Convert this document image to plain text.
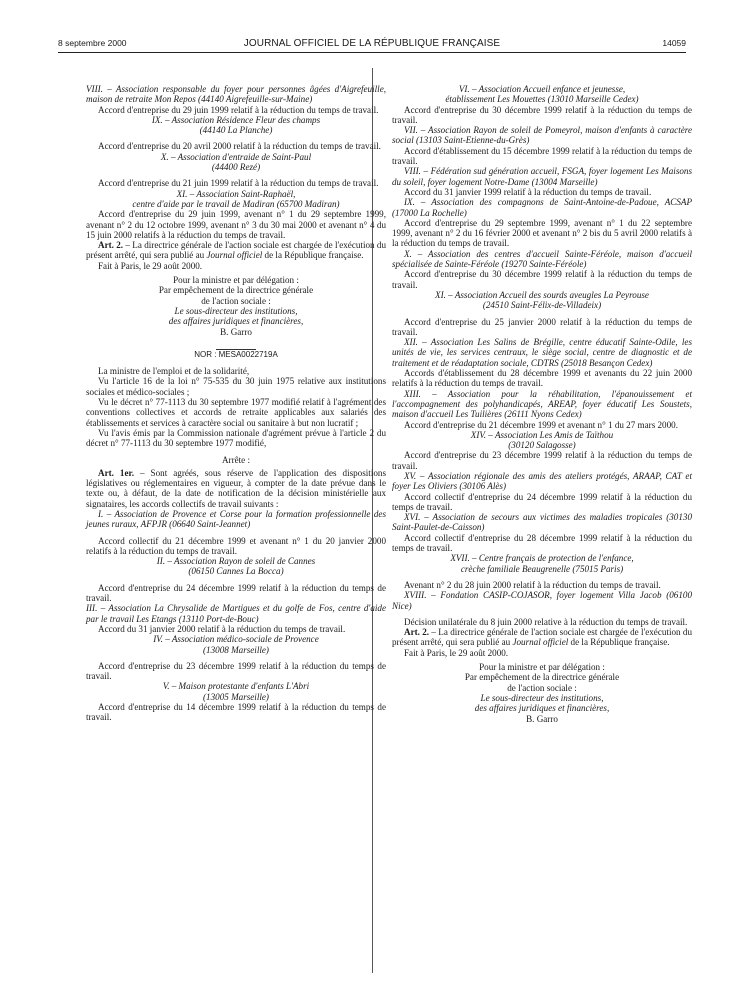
8 septembre 2000	JOURNAL OFFICIEL DE LA RÉPUBLIQUE FRANÇAISE	14059

VIII. – Association responsable du foyer pour personnes âgées d'Aigrefeuille, maison de retraite Mon Repos (44140 Aigrefeuille-sur-Maine)

Accord d'entreprise du 29 juin 1999 relatif à la réduction du temps de travail.

IX. – Association Résidence Fleur des champs
(44140 La Planche)

Accord d'entreprise du 20 avril 2000 relatif à la réduction du temps de travail.

X. – Association d'entraide de Saint-Paul
(44400 Rezé)

Accord d'entreprise du 21 juin 1999 relatif à la réduction du temps de travail.

XI. – Association Saint-Raphaël,
centre d'aide par le travail de Madiran (65700 Madiran)

Accord d'entreprise du 29 juin 1999, avenant n° 1 du 29 septembre 1999, avenant n° 2 du 12 octobre 1999, avenant n° 3 du 30 mai 2000 et avenant n° 4 du 15 juin 2000 relatifs à la réduction du temps de travail.

Art. 2. – La directrice générale de l'action sociale est chargée de l'exécution du présent arrêté, qui sera publié au Journal officiel de la République française.

Fait à Paris, le 29 août 2000.

Pour la ministre et par délégation :
Par empêchement de la directrice générale
de l'action sociale :
Le sous-directeur des institutions,
des affaires juridiques et financières,
B. Garro

NOR : MESA0022719A

La ministre de l'emploi et de la solidarité,

Vu l'article 16 de la loi n° 75-535 du 30 juin 1975 relative aux institutions sociales et médico-sociales ;

Vu le décret n° 77-1113 du 30 septembre 1977 modifié relatif à l'agrément des conventions collectives et accords de retraite applicables aux salariés des établissements et services à caractère social ou sanitaire à but non lucratif ;

Vu l'avis émis par la Commission nationale d'agrément prévue à l'article 2 du décret n° 77-1113 du 30 septembre 1977 modifié,

Arrête :

Art. 1er. – Sont agréés, sous réserve de l'application des dispositions législatives ou réglementaires en vigueur, à compter de la date prévue dans le texte ou, à défaut, de la date de notification de la décision ministérielle aux signataires, les accords collectifs de travail suivants :

I. – Association de Provence et Corse pour la formation professionnelle des jeunes ruraux, AFPJR (06640 Saint-Jeannet)

Accord collectif du 21 décembre 1999 et avenant n° 1 du 20 janvier 2000 relatifs à la réduction du temps de travail.

II. – Association Rayon de soleil de Cannes
(06150 Cannes La Bocca)

Accord d'entreprise du 24 décembre 1999 relatif à la réduction du temps de travail.

III. – Association La Chrysalide de Martigues et du golfe de Fos, centre d'aide par le travail Les Etangs (13110 Port-de-Bouc)

Accord du 31 janvier 2000 relatif à la réduction du temps de travail.

IV. – Association médico-sociale de Provence
(13008 Marseille)

Accord d'entreprise du 23 décembre 1999 relatif à la réduction du temps de travail.

V. – Maison protestante d'enfants L'Abri
(13005 Marseille)

Accord d'entreprise du 14 décembre 1999 relatif à la réduction du temps de travail.

VI. – Association Accueil enfance et jeunesse,
établissement Les Mouettes (13010 Marseille Cedex)

Accord d'entreprise du 30 décembre 1999 relatif à la réduction du temps de travail.

VII. – Association Rayon de soleil de Pomeyrol, maison d'enfants à caractère social (13103 Saint-Etienne-du-Grès)

Accord d'établissement du 15 décembre 1999 relatif à la réduction du temps de travail.

VIII. – Fédération sud génération accueil, FSGA, foyer logement Les Maisons du soleil, foyer logement Notre-Dame (13004 Marseille)

Accord du 31 janvier 1999 relatif à la réduction du temps de travail.

IX. – Association des compagnons de Saint-Antoine-de-Padoue, ACSAP (17000 La Rochelle)

Accord d'entreprise du 29 septembre 1999, avenant n° 1 du 22 septembre 1999, avenant n° 2 du 16 février 2000 et avenant n° 2 bis du 5 avril 2000 relatifs à la réduction du temps de travail.

X. – Association des centres d'accueil Sainte-Féréole, maison d'accueil spécialisée de Sainte-Féréole (19270 Sainte-Féréole)

Accord d'entreprise du 30 décembre 1999 relatif à la réduction du temps de travail.

XI. – Association Accueil des sourds aveugles La Peyrouse
(24510 Saint-Félix-de-Villadeix)

Accord d'entreprise du 25 janvier 2000 relatif à la réduction du temps de travail.

XII. – Association Les Salins de Brégille, centre éducatif Sainte-Odile, les unités de vie, les services centraux, le siège social, centre de diagnostic et de traitement et de réadaptation sociale, CDTRS (25018 Besançon Cedex)

Accords d'établissement du 28 décembre 1999 et avenants du 22 juin 2000 relatifs à la réduction du temps de travail.

XIII. – Association pour la réhabilitation, l'épanouissement et l'accompagnement des polyhandicapés, AREAP, foyer éducatif Les Soustets, maison d'accueil Les Tuilières (26111 Nyons Cedex)

Accord d'entreprise du 21 décembre 1999 et avenant n° 1 du 27 mars 2000.

XIV. – Association Les Amis de Taïthou
(30120 Salagosse)

Accord d'entreprise du 23 décembre 1999 relatif à la réduction du temps de travail.

XV. – Association régionale des amis des ateliers protégés, ARAAP, CAT et foyer Les Oliviers (30106 Alès)

Accord collectif d'entreprise du 24 décembre 1999 relatif à la réduction du temps de travail.

XVI. – Association de secours aux victimes des maladies tropicales (30130 Saint-Paulet-de-Caisson)

Accord collectif d'entreprise du 28 décembre 1999 relatif à la réduction du temps de travail.

XVII. – Centre français de protection de l'enfance,
crèche familiale Beaugrenelle (75015 Paris)

Avenant n° 2 du 28 juin 2000 relatif à la réduction du temps de travail.

XVIII. – Fondation CASIP-COJASOR, foyer logement Villa Jacob (06100 Nice)

Décision unilatérale du 8 juin 2000 relative à la réduction du temps de travail.

Art. 2. – La directrice générale de l'action sociale est chargée de l'exécution du présent arrêté, qui sera publié au Journal officiel de la République française.

Fait à Paris, le 29 août 2000.

Pour la ministre et par délégation :
Par empêchement de la directrice générale
de l'action sociale :
Le sous-directeur des institutions,
des affaires juridiques et financières,
B. Garro
